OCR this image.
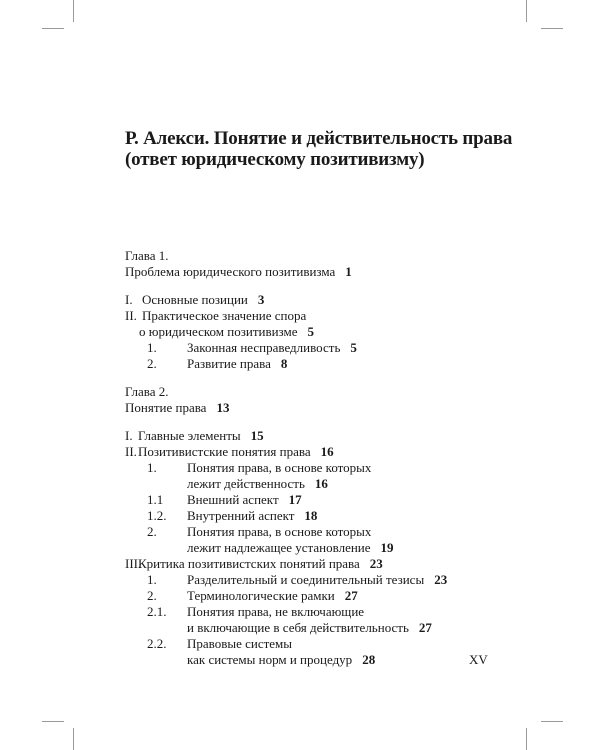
Р. Алекси. Понятие и действительность права
(ответ юридическому позитивизму)
Глава 1.
Проблема юридического позитивизма 1
I. Основные позиции 3
II. Практическое значение спора
о юридическом позитивизме 5
1. Законная несправедливость 5
2. Развитие права 8
Глава 2.
Понятие права 13
I. Главные элементы 15
II. Позитивистские понятия права 16
1. Понятия права, в основе которых
лежит действенность 16
1.1 Внешний аспект 17
1.2. Внутренний аспект 18
2. Понятия права, в основе которых
лежит надлежащее установление 19
III.
Критика позитивистских понятий права 23
1. Разделительный и соединительный тезисы 23
2. Терминологические рамки 27
2.1. Понятия права, не включающие
и включающие в себя действительность 27
2.2. Правовые системы
как системы норм и процедур 28	XV
